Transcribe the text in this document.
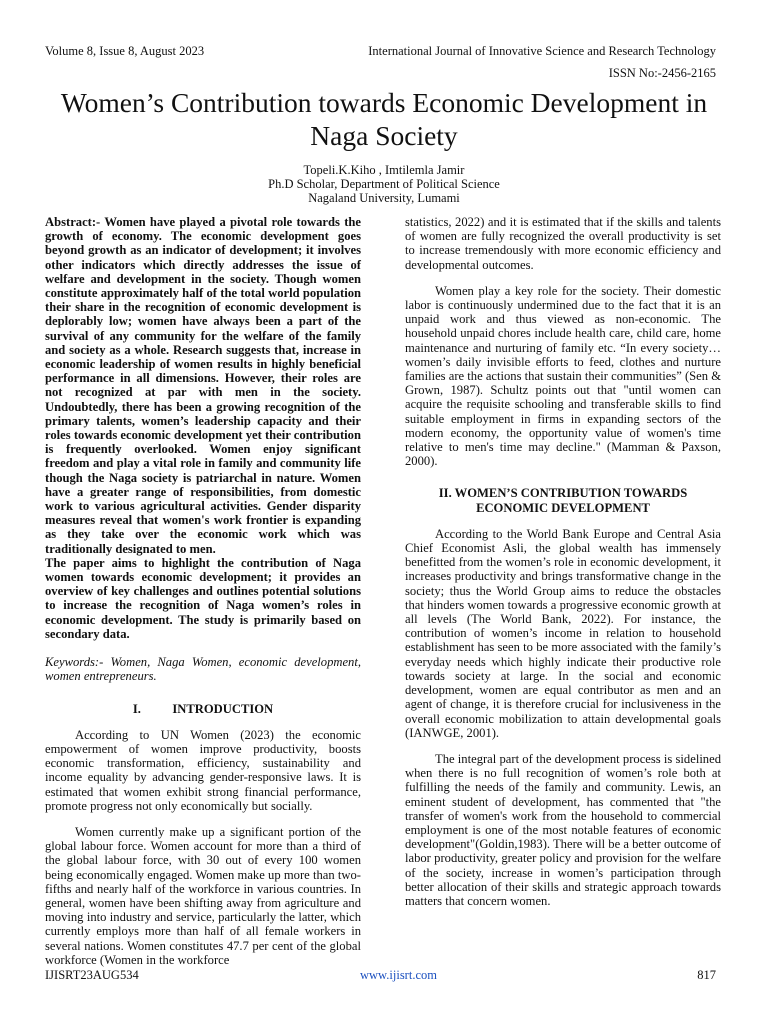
Volume 8, Issue 8, August 2023	International Journal of Innovative Science and Research Technology
ISSN No:-2456-2165
Women’s Contribution towards Economic Development in Naga Society
Topeli.K.Kiho , Imtilemla Jamir
Ph.D Scholar, Department of Political Science
Nagaland University, Lumami

Abstract:- Women have played a pivotal role towards the growth of economy. The economic development goes beyond growth as an indicator of development; it involves other indicators which directly addresses the issue of welfare and development in the society. Though women constitute approximately half of the total world population their share in the recognition of economic development is deplorably low; women have always been a part of the survival of any community for the welfare of the family and society as a whole. Research suggests that, increase in economic leadership of women results in highly beneficial performance in all dimensions. However, their roles are not recognized at par with men in the society. Undoubtedly, there has been a growing recognition of the primary talents, women’s leadership capacity and their roles towards economic development yet their contribution is frequently overlooked. Women enjoy significant freedom and play a vital role in family and community life though the Naga society is patriarchal in nature. Women have a greater range of responsibilities, from domestic work to various agricultural activities. Gender disparity measures reveal that women's work frontier is expanding as they take over the economic work which was traditionally designated to men.

The paper aims to highlight the contribution of Naga women towards economic development; it provides an overview of key challenges and outlines potential solutions to increase the recognition of Naga women’s roles in economic development. The study is primarily based on secondary data.

Keywords:- Women, Naga Women, economic development, women entrepreneurs.

I.          INTRODUCTION

According to UN Women (2023) the economic empowerment of women improve productivity, boosts economic transformation, efficiency, sustainability and income equality by advancing gender-responsive laws. It is estimated that women exhibit strong financial performance, promote progress not only economically but socially.

Women currently make up a significant portion of the global labour force. Women account for more than a third of the global labour force, with 30 out of every 100 women being economically engaged. Women make up more than two-fifths and nearly half of the workforce in various countries. In general, women have been shifting away from agriculture and moving into industry and service, particularly the latter, which currently employs more than half of all female workers in several nations. Women constitutes 47.7 per cent of the global workforce (Women in the workforce

statistics, 2022) and it is estimated that if the skills and talents of women are fully recognized the overall productivity is set to increase tremendously with more economic efficiency and developmental outcomes.

Women play a key role for the society. Their domestic labor is continuously undermined due to the fact that it is an unpaid work and thus viewed as non-economic. The household unpaid chores include health care, child care, home maintenance and nurturing of family etc. “In every society… women’s daily invisible efforts to feed, clothes and nurture families are the actions that sustain their communities” (Sen & Grown, 1987). Schultz points out that "until women can acquire the requisite schooling and transferable skills to find suitable employment in firms in expanding sectors of the modern economy, the opportunity value of women's time relative to men's time may decline." (Mamman & Paxson, 2000).

II. WOMEN’S CONTRIBUTION TOWARDS ECONOMIC DEVELOPMENT

According to the World Bank Europe and Central Asia Chief Economist Asli, the global wealth has immensely benefitted from the women’s role in economic development, it increases productivity and brings transformative change in the society; thus the World Group aims to reduce the obstacles that hinders women towards a progressive economic growth at all levels (The World Bank, 2022). For instance, the contribution of women’s income in relation to household establishment has seen to be more associated with the family’s everyday needs which highly indicate their productive role towards society at large. In the social and economic development, women are equal contributor as men and an agent of change, it is therefore crucial for inclusiveness in the overall economic mobilization to attain developmental goals (IANWGE, 2001).

The integral part of the development process is sidelined when there is no full recognition of women’s role both at fulfilling the needs of the family and community. Lewis, an eminent student of development, has commented that "the transfer of women's work from the household to commercial employment is one of the most notable features of economic development"(Goldin,1983). There will be a better outcome of labor productivity, greater policy and provision for the welfare of the society, increase in women’s participation through better allocation of their skills and strategic approach towards matters that concern women.

IJISRT23AUG534	www.ijisrt.com	817
